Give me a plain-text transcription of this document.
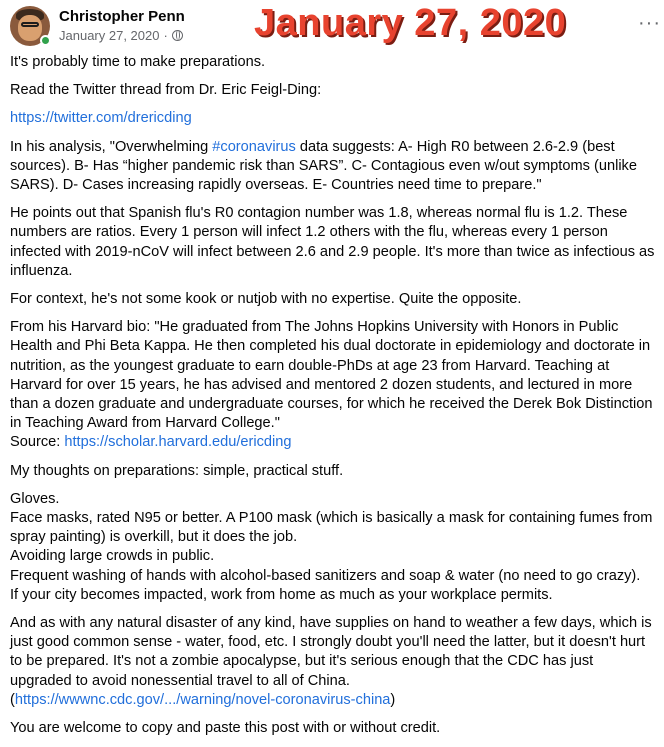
Christopher Penn
January 27, 2020 ·
···
January 27, 2020

It's probably time to make preparations.

Read the Twitter thread from Dr. Eric Feigl-Ding:

https://twitter.com/drericding

In his analysis, "Overwhelming #coronavirus data suggests: A- High R0 between 2.6-2.9 (best sources). B- Has “higher pandemic risk than SARS”. C- Contagious even w/out symptoms (unlike SARS). D- Cases increasing rapidly overseas. E- Countries need time to prepare."

He points out that Spanish flu's R0 contagion number was 1.8, whereas normal flu is 1.2. These numbers are ratios. Every 1 person will infect 1.2 others with the flu, whereas every 1 person infected with 2019-nCoV will infect between 2.6 and 2.9 people. It's more than twice as infectious as influenza.

For context, he's not some kook or nutjob with no expertise. Quite the opposite.

From his Harvard bio: "He graduated from The Johns Hopkins University with Honors in Public Health and Phi Beta Kappa. He then completed his dual doctorate in epidemiology and doctorate in nutrition, as the youngest graduate to earn double-PhDs at age 23 from Harvard. Teaching at Harvard for over 15 years, he has advised and mentored 2 dozen students, and lectured in more than a dozen graduate and undergraduate courses, for which he received the Derek Bok Distinction in Teaching Award from Harvard College."
Source: https://scholar.harvard.edu/ericding

My thoughts on preparations: simple, practical stuff.

Gloves.
Face masks, rated N95 or better. A P100 mask (which is basically a mask for containing fumes from spray painting) is overkill, but it does the job.
Avoiding large crowds in public.
Frequent washing of hands with alcohol-based sanitizers and soap & water (no need to go crazy).
If your city becomes impacted, work from home as much as your workplace permits.

And as with any natural disaster of any kind, have supplies on hand to weather a few days, which is just good common sense - water, food, etc. I strongly doubt you'll need the latter, but it doesn't hurt to be prepared. It's not a zombie apocalypse, but it's serious enough that the CDC has just upgraded to avoid nonessential travel to all of China.
(https://wwwnc.cdc.gov/.../warning/novel-coronavirus-china)

You are welcome to copy and paste this post with or without credit.
